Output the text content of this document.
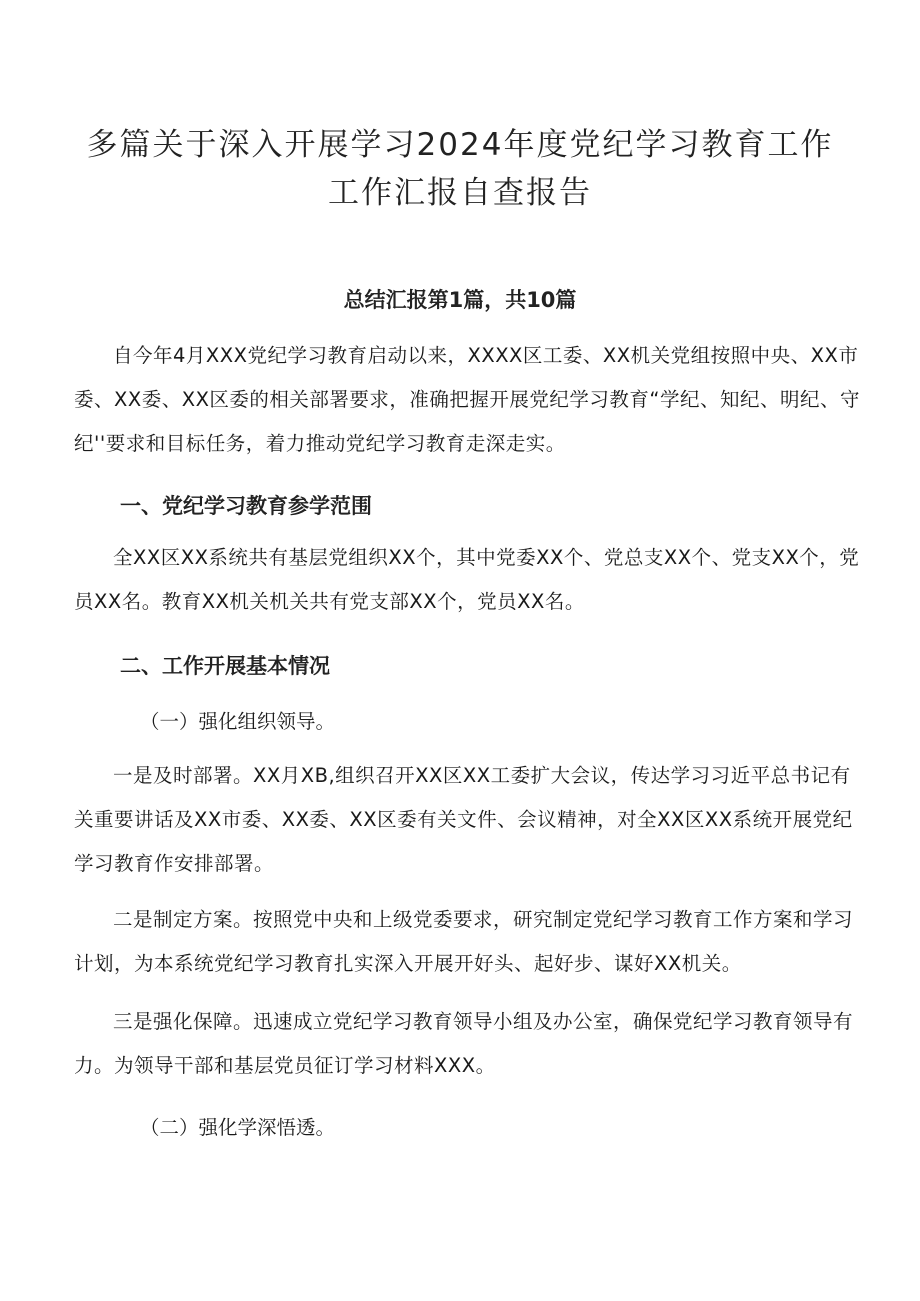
多篇关于深入开展学习2024年度党纪学习教育工作
工作汇报自查报告
总结汇报第1篇，共10篇

自今年4月XXX党纪学习教育启动以来，XXXX区工委、XX机关党组按照中央、XX市委、XX委、XX区委的相关部署要求，准确把握开展党纪学习教育“学纪、知纪、明纪、守纪''要求和目标任务，着力推动党纪学习教育走深走实。

一、党纪学习教育参学范围

全XX区XX系统共有基层党组织XX个，其中党委XX个、党总支XX个、党支XX个，党员XX名。教育XX机关机关共有党支部XX个，党员XX名。

二、工作开展基本情况

（一）强化组织领导。

一是及时部署。XX月XB,组织召开XX区XX工委扩大会议，传达学习习近平总书记有关重要讲话及XX市委、XX委、XX区委有关文件、会议精神，对全XX区XX系统开展党纪学习教育作安排部署。

二是制定方案。按照党中央和上级党委要求，研究制定党纪学习教育工作方案和学习计划，为本系统党纪学习教育扎实深入开展开好头、起好步、谋好XX机关。

三是强化保障。迅速成立党纪学习教育领导小组及办公室，确保党纪学习教育领导有力。为领导干部和基层党员征订学习材料XXX。

（二）强化学深悟透。
